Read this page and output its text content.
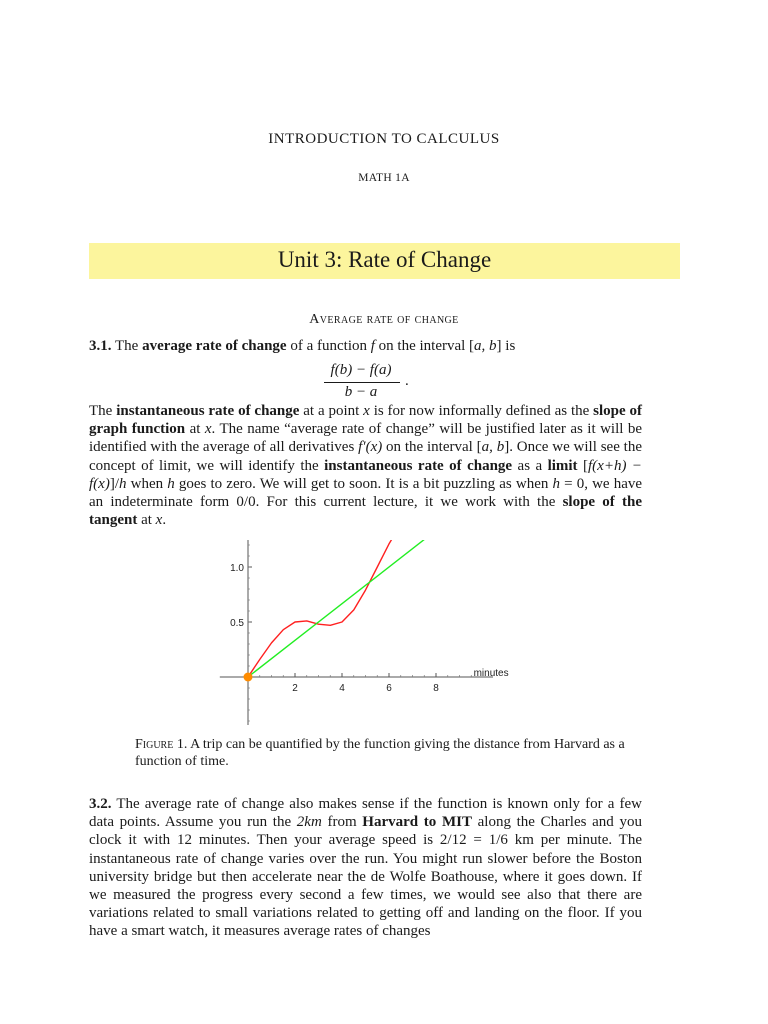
INTRODUCTION TO CALCULUS
MATH 1A
Unit 3: Rate of Change
Average rate of change
3.1. The average rate of change of a function f on the interval [a, b] is
f(b) − f(a)
b − a
.
The instantaneous rate of change at a point x is for now informally defined as the slope of graph function at x. The name “average rate of change” will be justified later as it will be identified with the average of all derivatives f′(x) on the interval [a, b]. Once we will see the concept of limit, we will identify the instantaneous rate of change as a limit [f(x+h) − f(x)]/h when h goes to zero. We will get to soon. It is a bit puzzling as when h = 0, we have an indeterminate form 0/0. For this current lecture, it we work with the slope of the tangent at x.
2	4	6	8
0.5
1.0
minutes
Figure 1. A trip can be quantified by the function giving the distance from Harvard as a function of time.
3.2. The average rate of change also makes sense if the function is known only for a few data points. Assume you run the 2km from Harvard to MIT along the Charles and you clock it with 12 minutes. Then your average speed is 2/12 = 1/6 km per minute. The instantaneous rate of change varies over the run. You might run slower before the Boston university bridge but then accelerate near the de Wolfe Boathouse, where it goes down. If we measured the progress every second a few times, we would see also that there are variations related to small variations related to getting off and landing on the floor. If you have a smart watch, it measures average rates of changes
